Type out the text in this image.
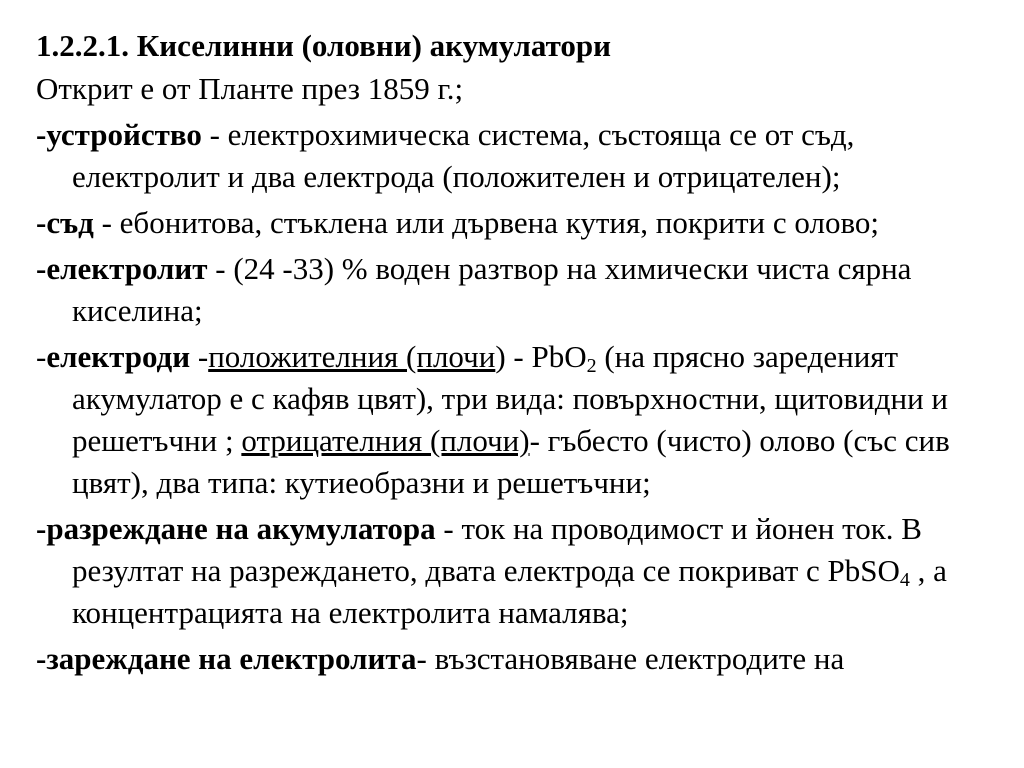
1.2.2.1. Киселинни (оловни) акумулатори

Открит е от Планте през 1859 г.;

-устройство - електрохимическа система, състояща се от съд, електролит и два електрода (положителен и отрицателен);

-съд - ебонитова, стъклена или дървена кутия, покрити с олово;

-електролит - (24 -33) % воден разтвор на химически чиста сярна киселина;

-електроди -положителния (плочи) - PbO$_2$ (на прясно зареденият акумулатор е с кафяв цвят), три вида: повърхностни, щитовидни и решетъчни ; отрицателния (плочи)- гъбесто (чисто) олово (със сив цвят), два типа: кутиеобразни и решетъчни;

-разреждане на акумулатора - ток на проводимост и йонен ток. В резултат на разреждането, двата електрода се покриват с PbSO$_4$ , а концентрацията на електролита намалява;

-зареждане на електролита- възстановяване електродите на
